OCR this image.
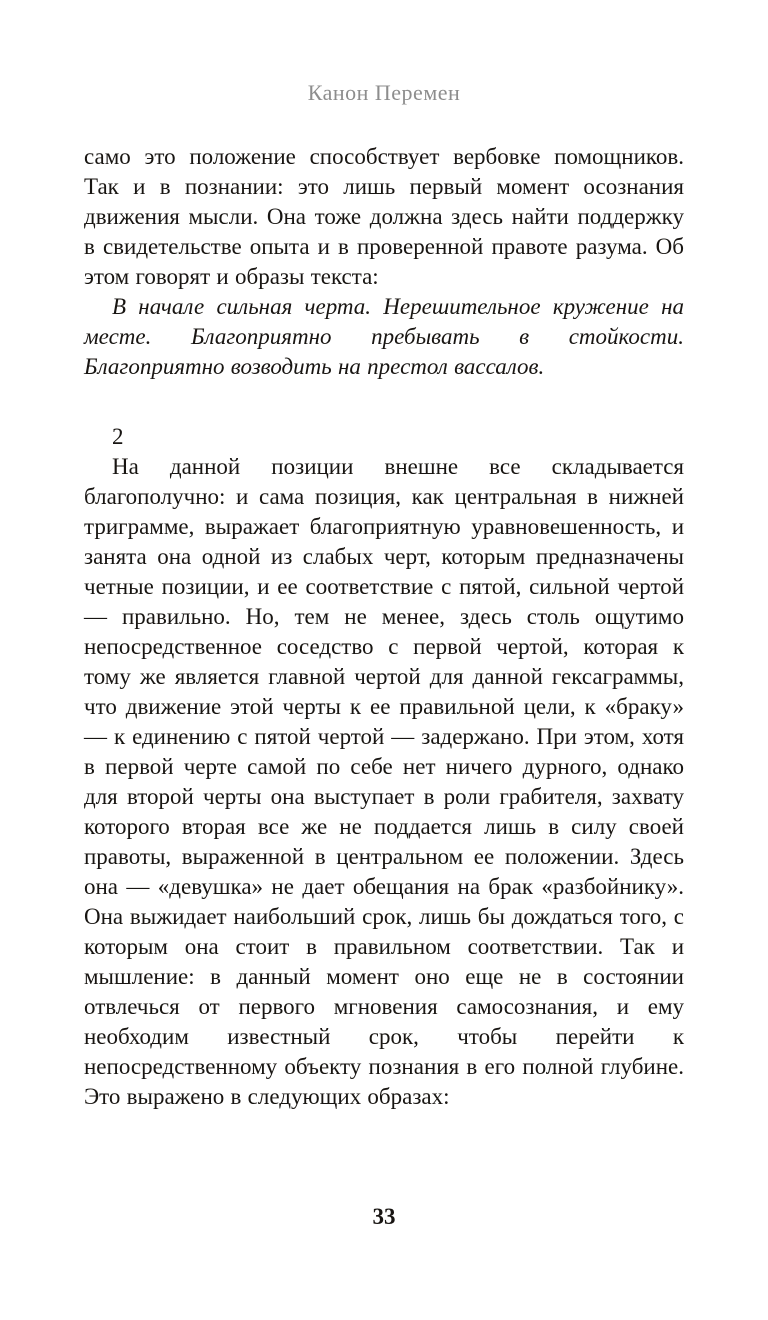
Канон Перемен

само это положение способствует вербовке помощников. Так и в познании: это лишь первый момент осознания движения мысли. Она тоже должна здесь найти поддержку в свидетельстве опыта и в проверенной правоте разума. Об этом говорят и образы текста:

В начале сильная черта. Нерешительное кружение на месте. Благоприятно пребывать в стойкости. Благоприятно возводить на престол вассалов.

2

На данной позиции внешне все складывается благополучно: и сама позиция, как центральная в нижней триграмме, выражает благоприятную уравновешенность, и занята она одной из слабых черт, которым предназначены четные позиции, и ее соответствие с пятой, сильной чертой — правильно. Но, тем не менее, здесь столь ощутимо непосредственное соседство с первой чертой, которая к тому же является главной чертой для данной гексаграммы, что движение этой черты к ее правильной цели, к «браку» — к единению с пятой чертой — задержано. При этом, хотя в первой черте самой по себе нет ничего дурного, однако для второй черты она выступает в роли грабителя, захвату которого вторая все же не поддается лишь в силу своей правоты, выраженной в центральном ее положении. Здесь она — «девушка» не дает обещания на брак «разбойнику». Она выжидает наибольший срок, лишь бы дождаться того, с которым она стоит в правильном соответствии. Так и мышление: в данный момент оно еще не в состоянии отвлечься от первого мгновения самосознания, и ему необходим известный срок, чтобы перейти к непосредственному объекту познания в его полной глубине. Это выражено в следующих образах:

33
